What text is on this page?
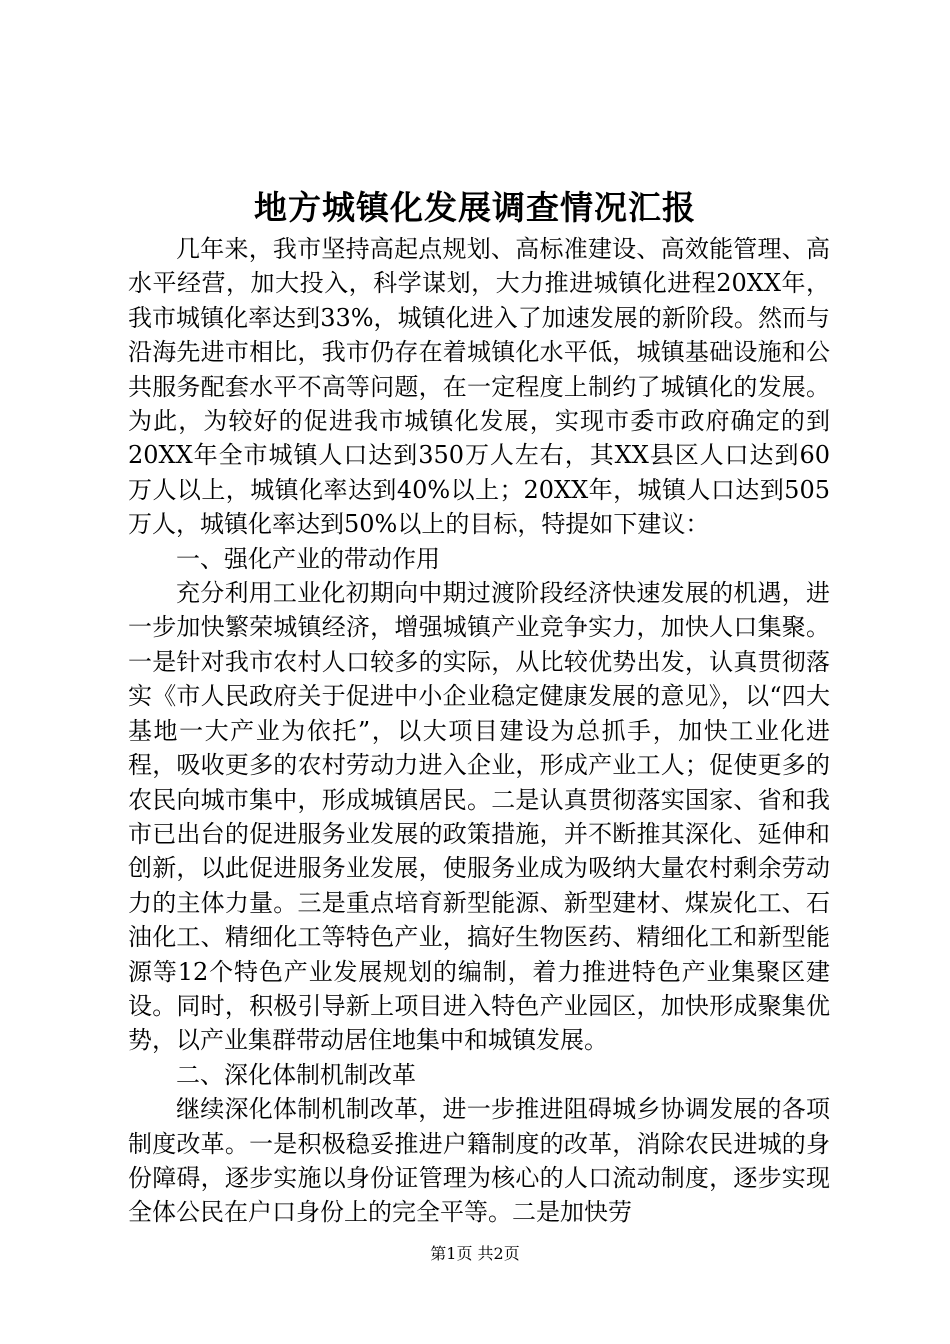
地方城镇化发展调查情况汇报

几年来，我市坚持高起点规划、高标准建设、高效能管理、高水平经营，加大投入，科学谋划，大力推进城镇化进程20XX年，我市城镇化率达到33%，城镇化进入了加速发展的新阶段。然而与沿海先进市相比，我市仍存在着城镇化水平低，城镇基础设施和公共服务配套水平不高等问题，在一定程度上制约了城镇化的发展。为此，为较好的促进我市城镇化发展，实现市委市政府确定的到20XX年全市城镇人口达到350万人左右，其XX县区人口达到60万人以上，城镇化率达到40%以上；20XX年，城镇人口达到505万人，城镇化率达到50%以上的目标，特提如下建议：

一、强化产业的带动作用

充分利用工业化初期向中期过渡阶段经济快速发展的机遇，进一步加快繁荣城镇经济，增强城镇产业竞争实力，加快人口集聚。一是针对我市农村人口较多的实际，从比较优势出发，认真贯彻落实《市人民政府关于促进中小企业稳定健康发展的意见》，以“四大基地一大产业为依托”，以大项目建设为总抓手，加快工业化进程，吸收更多的农村劳动力进入企业，形成产业工人；促使更多的农民向城市集中，形成城镇居民。二是认真贯彻落实国家、省和我市已出台的促进服务业发展的政策措施，并不断推其深化、延伸和创新，以此促进服务业发展，使服务业成为吸纳大量农村剩余劳动力的主体力量。三是重点培育新型能源、新型建材、煤炭化工、石油化工、精细化工等特色产业，搞好生物医药、精细化工和新型能源等12个特色产业发展规划的编制，着力推进特色产业集聚区建设。同时，积极引导新上项目进入特色产业园区，加快形成聚集优势，以产业集群带动居住地集中和城镇发展。

二、深化体制机制改革

继续深化体制机制改革，进一步推进阻碍城乡协调发展的各项制度改革。一是积极稳妥推进户籍制度的改革，消除农民进城的身份障碍，逐步实施以身份证管理为核心的人口流动制度，逐步实现全体公民在户口身份上的完全平等。二是加快劳

第1页 共2页
